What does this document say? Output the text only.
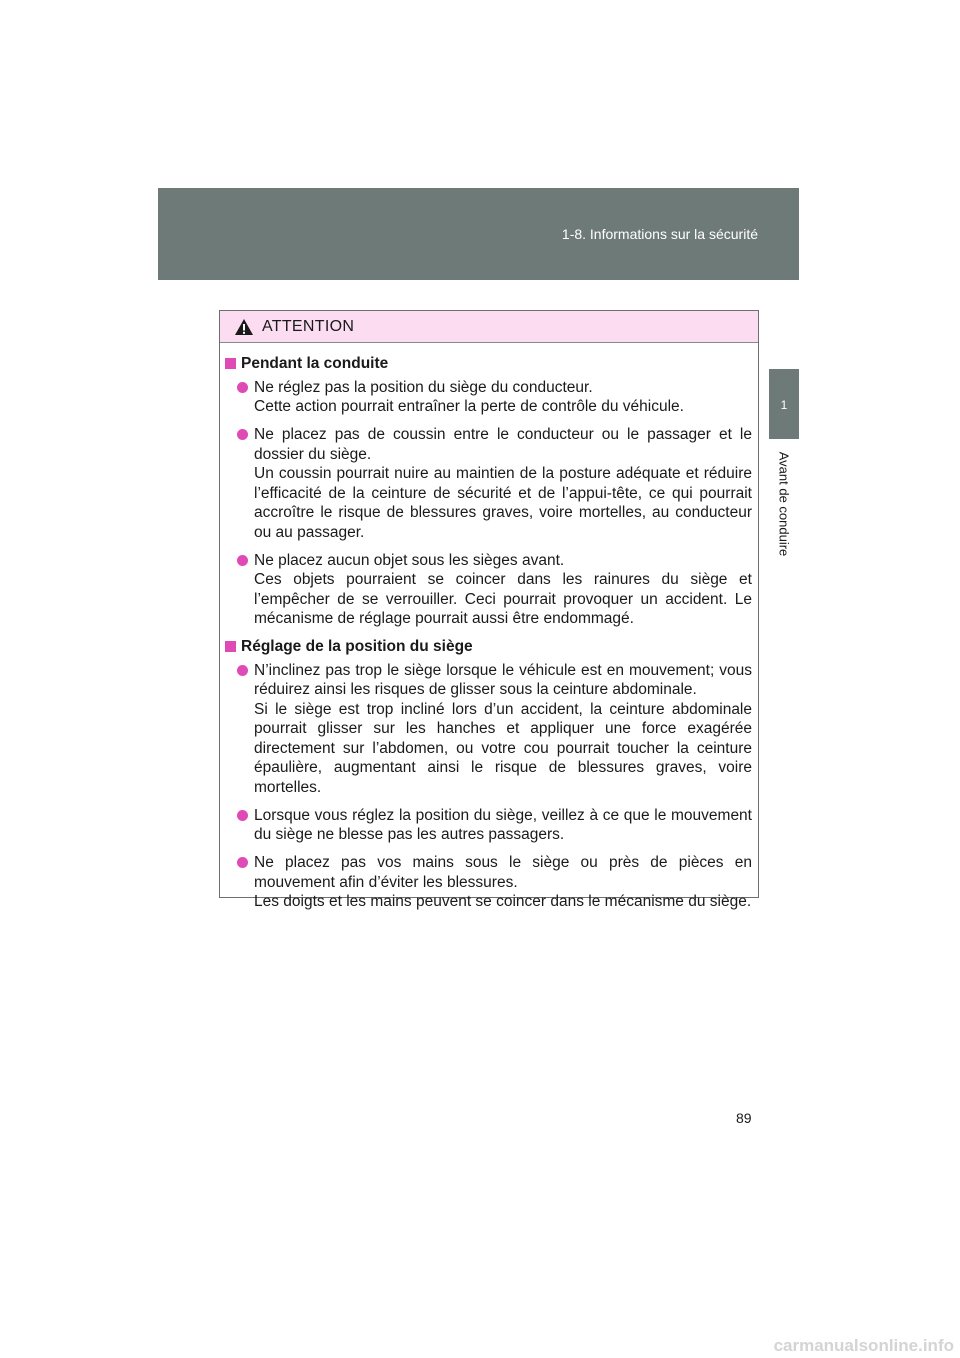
1-8. Informations sur la sécurité
1
Avant de conduire
ATTENTION
Pendant la conduite

Ne réglez pas la position du siège du conducteur.

Cette action pourrait entraîner la perte de contrôle du véhicule.

Ne placez pas de coussin entre le conducteur ou le passager et le dossier du siège.

Un coussin pourrait nuire au maintien de la posture adéquate et réduire l’efficacité de la ceinture de sécurité et de l’appui-tête, ce qui pourrait accroître le risque de blessures graves, voire mortelles, au conducteur ou au passager.

Ne placez aucun objet sous les sièges avant.

Ces objets pourraient se coincer dans les rainures du siège et l’empêcher de se verrouiller. Ceci pourrait provoquer un accident. Le mécanisme de réglage pourrait aussi être endommagé.

Réglage de la position du siège

N’inclinez pas trop le siège lorsque le véhicule est en mouvement; vous réduirez ainsi les risques de glisser sous la ceinture abdominale.

Si le siège est trop incliné lors d’un accident, la ceinture abdominale pourrait glisser sur les hanches et appliquer une force exagérée directement sur l’abdomen, ou votre cou pourrait toucher la ceinture épaulière, augmentant ainsi le risque de blessures graves, voire mortelles.

Lorsque vous réglez la position du siège, veillez à ce que le mouvement du siège ne blesse pas les autres passagers.

Ne placez pas vos mains sous le siège ou près de pièces en mouvement afin d’éviter les blessures.

Les doigts et les mains peuvent se coincer dans le mécanisme du siège.

89
carmanualsonline.info
